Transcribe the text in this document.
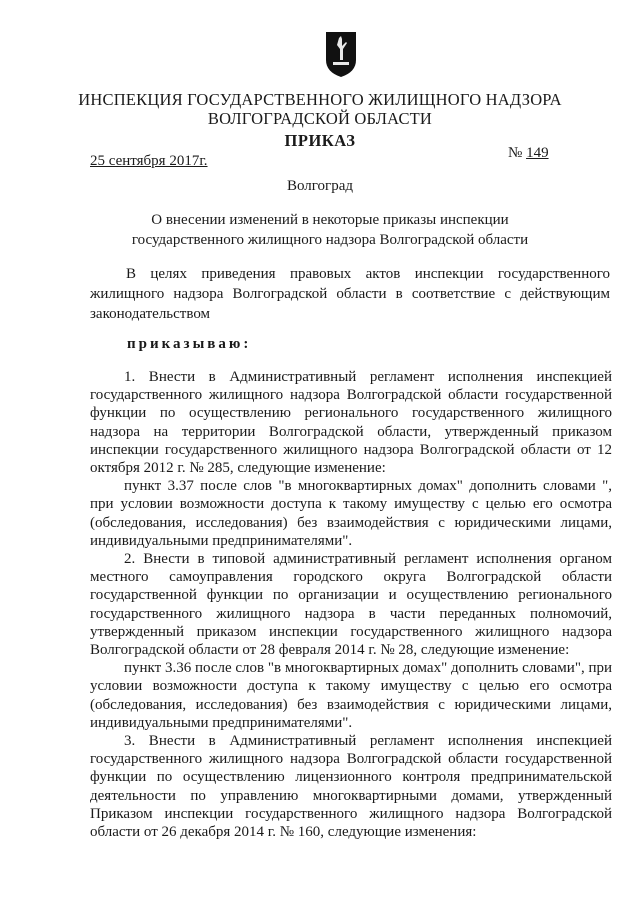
ИНСПЕКЦИЯ ГОСУДАРСТВЕННОГО ЖИЛИЩНОГО НАДЗОРА
ВОЛГОГРАДСКОЙ ОБЛАСТИ
ПРИКАЗ
25 сентября 2017г.	№ 149
Волгоград
О внесении изменений в некоторые приказы инспекции государственного жилищного надзора Волгоградской области
В целях приведения правовых актов инспекции государственного жилищного надзора Волгоградской области в соответствие с действующим законодательством
приказываю:

1. Внести в Административный регламент исполнения инспекцией государственного жилищного надзора Волгоградской области государственной функции по осуществлению регионального государственного жилищного надзора на территории Волгоградской области, утвержденный приказом инспекции государственного жилищного надзора Волгоградской области от 12 октября 2012 г. № 285, следующие изменение:

пункт 3.37 после слов "в многоквартирных домах" дополнить словами ", при условии возможности доступа к такому имуществу с целью его осмотра (обследования, исследования) без взаимодействия с юридическими лицами, индивидуальными предпринимателями".

2. Внести в типовой административный регламент исполнения органом местного самоуправления городского округа Волгоградской области государственной функции по организации и осуществлению регионального государственного жилищного надзора в части переданных полномочий, утвержденный приказом инспекции государственного жилищного надзора Волгоградской области от 28 февраля 2014 г. № 28, следующие изменение:

пункт 3.36 после слов "в многоквартирных домах" дополнить словами", при условии возможности доступа к такому имуществу с целью его осмотра (обследования, исследования) без взаимодействия с юридическими лицами, индивидуальными предпринимателями".

3. Внести в Административный регламент исполнения инспекцией государственного жилищного надзора Волгоградской области государственной функции по осуществлению лицензионного контроля предпринимательской деятельности по управлению многоквартирными домами, утвержденный Приказом инспекции государственного жилищного надзора Волгоградской области от 26 декабря 2014 г. № 160, следующие изменения:
